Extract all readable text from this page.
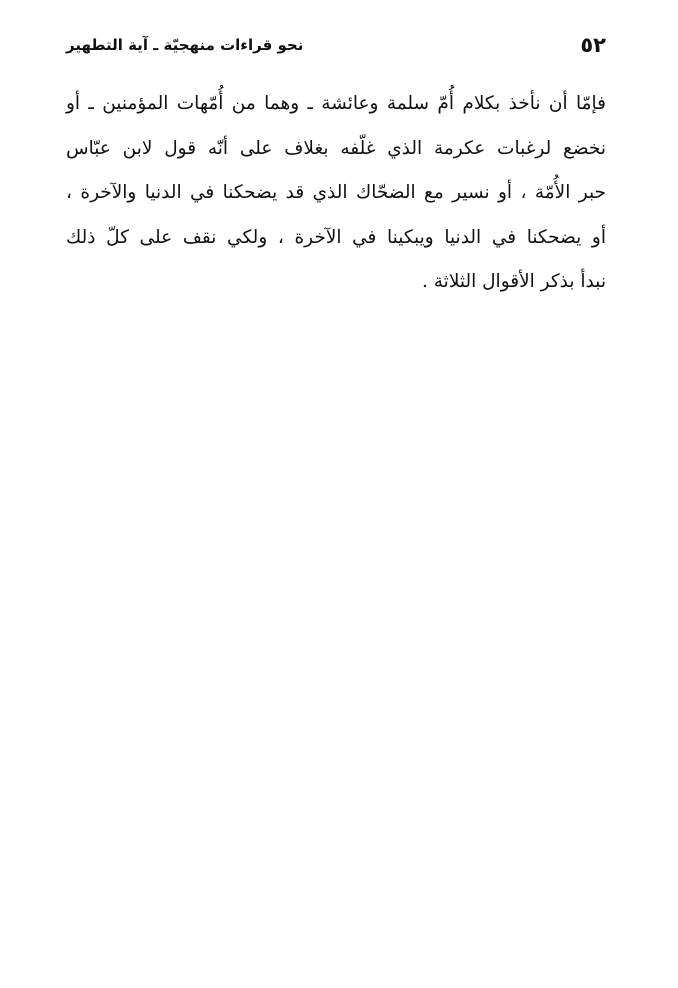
٥٢
نحو قراءات منهجيّة ـ آية التطهير
فإمّا أن نأخذ بكلام أُمّ سلمة وعائشة ـ وهما من أُمّهات المؤمنين ـ أو
نخضع لرغبات عكرمة الذي غلّفه بغلاف على أنّه قول لابن عبّاس
حبر الأُمّة ، أو نسير مع الضحّاك الذي قد يضحكنا في الدنيا والآخرة ،
أو يضحكنا في الدنيا ويبكينا في الآخرة ، ولكي نقف على كلّ ذلك
نبدأ بذكر الأقوال الثلاثة .
